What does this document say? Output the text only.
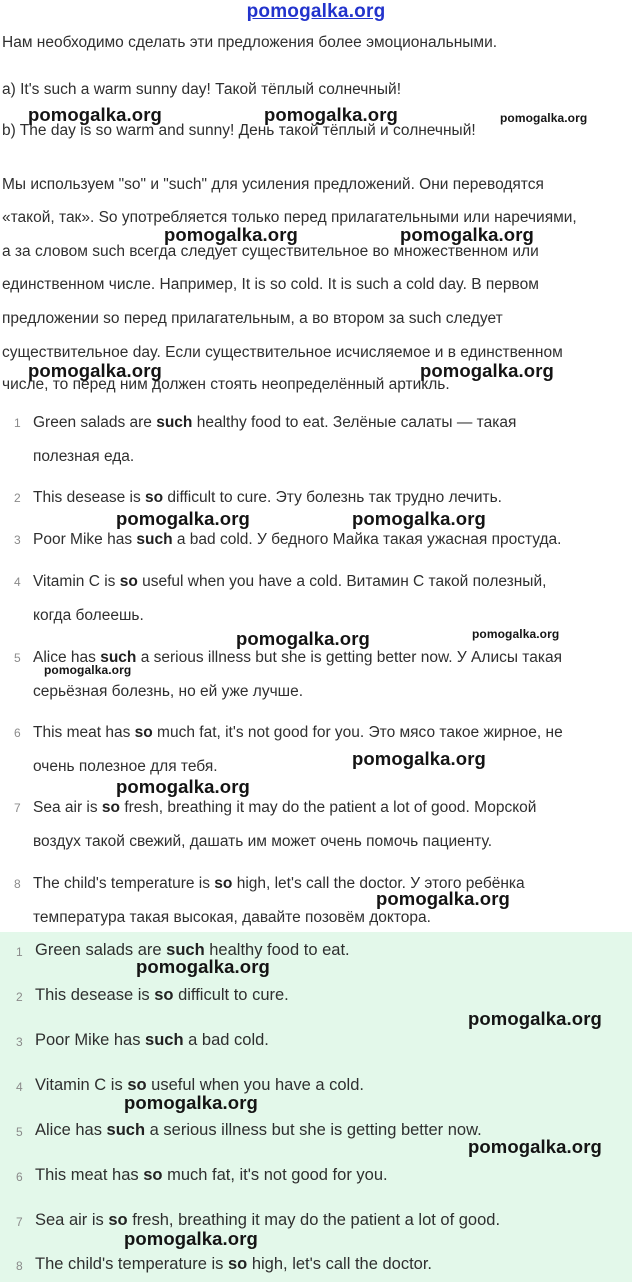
pomogalka.org
Нам необходимо сделать эти предложения более эмоциональными.
a) It's such a warm sunny day! Такой тёплый солнечный!
b) The day is so warm and sunny! День такой тёплый и солнечный!
Мы используем "so" и "such" для усиления предложений. Они переводятся
«такой, так». So употребляется только перед прилагательными или наречиями,
а за словом such всегда следует существительное во множественном или
единственном числе. Например, It is so cold. It is such a cold day. В первом
предложении so перед прилагательным, а во втором за such следует
существительное day. Если существительное исчисляемое и в единственном
числе, то перед ним должен стоять неопределённый артикль.
1 Green salads are such healthy food to eat. Зелёные салаты — такая
полезная еда.
2 This desease is so difficult to cure. Эту болезнь так трудно лечить.
3 Poor Mike has such a bad cold. У бедного Майка такая ужасная простуда.
4 Vitamin C is so useful when you have a cold. Витамин C такой полезный,
когда болеешь.
5 Alice has such a serious illness but she is getting better now. У Алисы такая
серьёзная болезнь, но ей уже лучше.
6 This meat has so much fat, it's not good for you. Это мясо такое жирное, не
очень полезное для тебя.
7 Sea air is so fresh, breathing it may do the patient a lot of good. Морской
воздух такой свежий, дашать им может очень помочь пациенту.
8 The child's temperature is so high, let's call the doctor. У этого ребёнка
температура такая высокая, давайте позовём доктора.
1 Green salads are such healthy food to eat.
2 This desease is so difficult to cure.
3 Poor Mike has such a bad cold.
4 Vitamin C is so useful when you have a cold.
5 Alice has such a serious illness but she is getting better now.
6 This meat has so much fat, it's not good for you.
7 Sea air is so fresh, breathing it may do the patient a lot of good.
8 The child's temperature is so high, let's call the doctor.
pomogalka.org	pomogalka.org	pomogalka.org
pomogalka.org	pomogalka.org
pomogalka.org	pomogalka.org
pomogalka.org	pomogalka.org
pomogalka.org	pomogalka.org
pomogalka.org
pomogalka.org
pomogalka.org
pomogalka.org
pomogalka.org
pomogalka.org
pomogalka.org
pomogalka.org
pomogalka.org
